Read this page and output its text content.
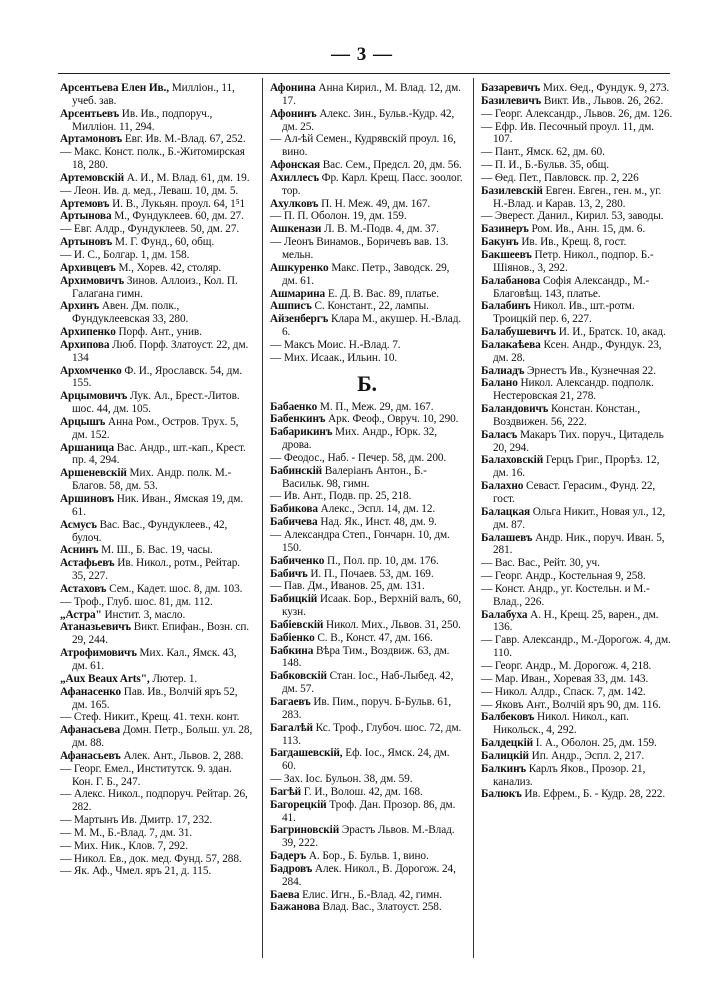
— 3 —

Арсентьева Елен Ив., Миллiон., 11, учеб. зав.

Арсентьевъ Ив. Ив., подпоруч., Миллiон. 11, 294.

Артамоновъ Евг. Ив. М.-Влад. 67, 252.

— Макс. Конст. полк., Б.-Житомирская 18, 280.

Артемовскiй А. И., М. Влад. 61, дм. 19.

— Леон. Ив. д. мед., Леваш. 10, дм. 5.

Артемовъ И. В., Лукьян. проул. 64, 1⁵1

Артынова М., Фундуклеев. 60, дм. 27.

— Евг. Алдр., Фундуклеев. 50, дм. 27.

Артыновъ М. Г. Фунд., 60, общ.

— И. С., Болгар. 1, дм. 158.

Архивцевъ М., Хорев. 42, столяр.

Архимовичъ Зинов. Аллоиз., Кол. П. Галагана гимн.

Архинъ Авен. Дм. полк., Фундуклеевская 33, 280.

Архипенко Порф. Ант., унив.

Архипова Люб. Порф. Златоуст. 22, дм. 134

Архомченко Ф. И., Ярославск. 54, дм. 155.

Арцымовичъ Лук. Ал., Брест.-Литов. шос. 44, дм. 105.

Арцышъ Анна Ром., Остров. Трух. 5, дм. 152.

Аршаница Вас. Андр., шт.-кап., Крест. пр. 4, 294.

Аршеневскiй Мих. Андр. полк. М.-Благов. 58, дм. 53.

Аршиновъ Ник. Иван., Ямская 19, дм. 61.

Асмусъ Вас. Вас., Фундуклеев., 42, булоч.

Аснинъ М. Ш., Б. Вас. 19, часы.

Астафьевъ Ив. Никол., ротм., Рейтар. 35, 227.

Астаховъ Сем., Кадет. шос. 8, дм. 103.

— Троф., Глуб. шос. 81, дм. 112.

„Астра" Инстит. 3, масло.

Атаназьевичъ Викт. Епифан., Возн. сп. 29, 244.

Атрофимовичъ Мих. Кал., Ямск. 43, дм. 61.

„Aux Beaux Arts", Лютер. 1.

Афанасенко Пав. Ив., Волчiй яръ 52, дм. 165.

— Стеф. Никит., Крещ. 41. техн. конт.

Афанасьева Домн. Петр., Больш. ул. 28, дм. 88.

Афанасьевъ Алек. Ант., Львов. 2, 288.

— Георг. Емел., Институтск. 9. здан. Кон. Г. Б., 247.

— Алекс. Никол., подпоруч. Рейтар. 26, 282.

— Мартынъ Ив. Дмитр. 17, 232.

— М. М., Б.-Влад. 7, дм. 31.

— Мих. Ник., Клов. 7, 292.

— Никол. Ев., док. мед. Фунд. 57, 288.

— Як. Аф., Чмел. яръ 21, д. 115.

Афонина Анна Кирил., М. Влад. 12, дм. 17.

Афонинъ Алекс. Зин., Бульв.-Кудр. 42, дм. 25.

— Ал-ѣй Семен., Кудрявскiй проул. 16, вино.

Афонская Вас. Сем., Предсл. 20, дм. 56.

Ахиллесъ Фр. Карл. Крещ. Пасс. зоолог. тор.

Ахулковъ П. Н. Меж. 49, дм. 167.

— П. П. Оболон. 19, дм. 159.

Ашкенази Л. В. М.-Подв. 4, дм. 37.

— Леонъ Винамов., Боричевъ вав. 13. мельн.

Ашкуренко Макс. Петр., Заводск. 29, дм. 61.

Ашмарина Е. Д. В. Вас. 89, платье.

Ашписъ С. Констант., 22, лампы.

Айзенбергъ Клара М., акушер. Н.-Влад. 6.

— Максъ Моис. Н.-Влад. 7.

— Мих. Исаак., Ильин. 10.

Б.

Бабаенко М. П., Меж. 29, дм. 167.

Бабенкинъ Арк. Феоф., Овруч. 10, 290.

Бабарикинъ Мих. Андр., Юрк. 32, дрова.

— Феодос., Наб. - Печер. 58, дм. 200.

Бабинскiй Валерiанъ Антон., Б.-Васильк. 98, гимн.

— Ив. Ант., Подв. пр. 25, 218.

Бабикова Алекс., Эспл. 14, дм. 12.

Бабичева Над. Як., Инст. 48, дм. 9.

— Александра Степ., Гончарн. 10, дм. 150.

Бабиченко П., Пол. пр. 10, дм. 176.

Бабичъ И. П., Почаев. 53, дм. 169.

— Пав. Дм., Иванов. 25, дм. 131.

Бабицкiй Исаак. Бор., Верхнiй валъ, 60, кузн.

Бабiевскiй Никол. Мих., Львов. 31, 250.

Бабiенко С. В., Конст. 47, дм. 166.

Бабкина Вѣра Тим., Воздвиж. 63, дм. 148.

Бабковскiй Стан. Iос., Наб-Лыбед. 42, дм. 57.

Багаевъ Ив. Пим., поруч. Б-Бульв. 61, 283.

Багалѣй Кс. Троф., Глубоч. шос. 72, дм. 113.

Багдашевскiй, Еф. Iос., Ямск. 24, дм. 60.

— Зах. Iос. Бульон. 38, дм. 59.

Багѣй Г. И., Волош. 42, дм. 168.

Багорецкiй Троф. Дан. Прозор. 86, дм. 41.

Багриновскiй Эрастъ Львов. М.-Влад. 39, 222.

Бадеръ А. Бор., Б. Бульв. 1, вино.

Бадровъ Алек. Никол., В. Дорогож. 24, 284.

Баева Елис. Игн., Б.-Влад. 42, гимн.

Бажанова Влад. Вас., Златоуст. 258.

Базаревичъ Мих. Ѳед., Фундук. 9, 273.

Базилевичъ Викт. Ив., Львов. 26, 262.

— Георг. Александр., Львов. 26, дм. 126.

— Ефр. Ив. Песочный проул. 11, дм. 107.

— Пант., Ямск. 62, дм. 60.

— П. И., Б.-Бульв. 35, общ.

— Ѳед. Пет., Павловск. пр. 2, 226

Базилевскiй Евген. Евген., ген. м., уг. Н.-Влад. и Карав. 13, 2, 280.

— Эверест. Данил., Кирил. 53, заводы.

Базинеръ Ром. Ив., Анн. 15, дм. 6.

Бакунъ Ив. Ив., Крещ. 8, гост.

Бакшеевъ Петр. Никол., подпор. Б.-Шiянов., 3, 292.

Балабанова Софiя Александр., М.-Благовѣщ. 143, платье.

Балабинъ Никол. Ив., шт.-ротм. Троицкiй пер. 6, 227.

Балабушевичъ И. И., Братск. 10, акад.

Балакаѣева Ксен. Андр., Фундук. 23, дм. 28.

Балиадъ Эрнестъ Ив., Кузнечная 22.

Балано Никол. Александр. подполк. Нестеровская 21, 278.

Баландовичъ Констан. Констан., Воздвижен. 56, 222.

Баласъ Макаръ Тих. поруч., Цитадель 20, 294.

Балаховскiй Герцъ Григ., Прорѣз. 12, дм. 16.

Балахно Севаст. Герасим., Фунд. 22, гост.

Балацкая Ольга Никит., Новая ул., 12, дм. 87.

Балашевъ Андр. Ник., поруч. Иван. 5, 281.

— Вас. Вас., Рейт. 30, уч.

— Георг. Андр., Костельная 9, 258.

— Конст. Андр., уг. Костельн. и М.-Влад., 226.

Балабуха А. Н., Крещ. 25, варен., дм. 136.

— Гавр. Александр., М.-Дорогож. 4, дм. 110.

— Георг. Андр., М. Дорогож. 4, 218.

— Мар. Иван., Хоревая 33, дм. 143.

— Никол. Алдр., Спаск. 7, дм. 142.

— Яковъ Ант., Волчiй яръ 90, дм. 116.

Балбековъ Никол. Никол., кап. Никольск., 4, 292.

Балдецкiй I. А., Оболон. 25, дм. 159.

Балицкiй Ип. Андр., Эспл. 2, 217.

Балкинъ Карлъ Яков., Прозор. 21, канализ.

Балюкъ Ив. Ефрем., Б. - Кудр. 28, 222.
